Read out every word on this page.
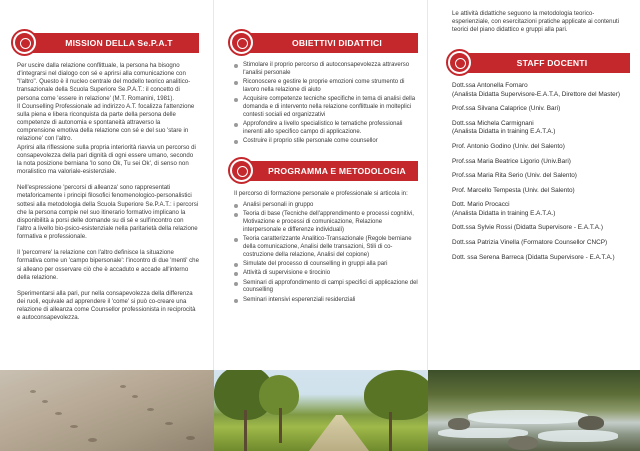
MISSION DELLA Se.P.A.T

Per uscire dalla relazione conflittuale, la persona ha bisogno d'integrarsi nel dialogo con sé e aprirsi alla comunicazione con "l'altro". Questo è il nucleo centrale del modello teorico analitico-transazionale della Scuola Superiore Se.P.A.T.: il concetto di persona come 'essere in relazione' (M.T. Romanini, 1981).

Il Counselling Professionale ad indirizzo A.T. focalizza l'attenzione sulla piena e libera riconquista da parte della persona delle competenze di autonomia e spontaneità attraverso la comprensione emotiva della relazione con sé e del suo 'stare in relazione' con l'altro.

Aprirsi alla riflessione sulla propria interiorità riavvia un percorso di consapevolezza della pari dignità di ogni essere umano, secondo la nota posizione berniana 'Io sono Ok, Tu sei Ok', di senso non moralistico ma valoriale-esistenziale.

Nell'espressione 'percorsi di alleanza' sono rappresentati metaforicamente i principi filosofici fenomenologico-personalistici sottesi alla metodologia della Scuola Superiore Se.P.A.T.: i percorsi che la persona compie nel suo itinerario formativo implicano la disponibilità a porsi delle domande su di sé e sull'incontro con l'altro a livello bio-psico-esistenziale nella paritarietà della relazione formativa e professionale.

Il 'percorrere' la relazione con l'altro definisce la situazione formativa come un 'campo bipersonale': l'incontro di due 'menti' che si alleano per osservare ciò che è accaduto e accade all'interno della relazione.

Sperimentarsi alla pari, pur nella consapevolezza della differenza dei ruoli, equivale ad apprendere il 'come' si può co-creare una relazione di alleanza come Counsellor professionista in reciprocità e autoconsapevolezza.

OBIETTIVI DIDATTICI
Stimolare il proprio percorso di autoconsapevolezza attraverso l'analisi personale
Riconoscere e gestire le proprie emozioni come strumento di lavoro nella relazione di aiuto
Acquisire competenze tecniche specifiche in tema di analisi della domanda e di intervento nella relazione conflittuale in molteplici contesti sociali ed organizzativi
Approfondire a livello specialistico le tematiche professionali inerenti allo specifico campo di applicazione.
Costruire il proprio stile personale come counsellor
PROGRAMMA E METODOLOGIA

Il percorso di formazione personale e professionale si articola in:

Analisi personali in gruppo
Teoria di base (Tecniche dell'apprendimento e processi cognitivi, Motivazione e processi di comunicazione, Relazione interpersonale e differenze individuali)
Teoria caratterizzante Analitico-Transazionale (Regole berniane della comunicazione, Analisi delle transazioni, Stili di co-costruzione della relazione, Analisi del copione)
Simulate del processo di counselling in gruppi alla pari
Attività di supervisione e tirocinio
Seminari di approfondimento di campi specifici di applicazione del counselling
Seminari intensivi esperenziali residenziali

Le attività didattiche seguono la metodologia teorico-esperienziale, con esercitazioni pratiche applicate ai contenuti teorici del piano didattico e gruppi alla pari.

STAFF DOCENTI
Dott.ssa Antonella Fornaro
(Analista Didatta Supervisore-E.A.T.A, Direttore del Master)
Prof.ssa Silvana Calaprice (Univ. Bari)
Dott.ssa Michela Carmignani
(Analista Didatta in training E.A.T.A.)
Prof. Antonio Godino (Univ. del Salento)
Prof.ssa Maria Beatrice Ligorio (Univ.Bari)
Prof.ssa Maria Rita Serio (Univ. del Salento)
Prof. Marcello Tempesta (Univ. del Salento)
Dott. Mario Procacci
(Analista Didatta in training E.A.T.A.)
Dott.ssa Sylvie Rossi (Didatta Supervisore - E.A.T.A.)
Dott.ssa Patrizia Vinella (Formatore Counsellor CNCP)
Dott. ssa Serena Barreca (Didatta Supervisore - E.A.T.A.)
